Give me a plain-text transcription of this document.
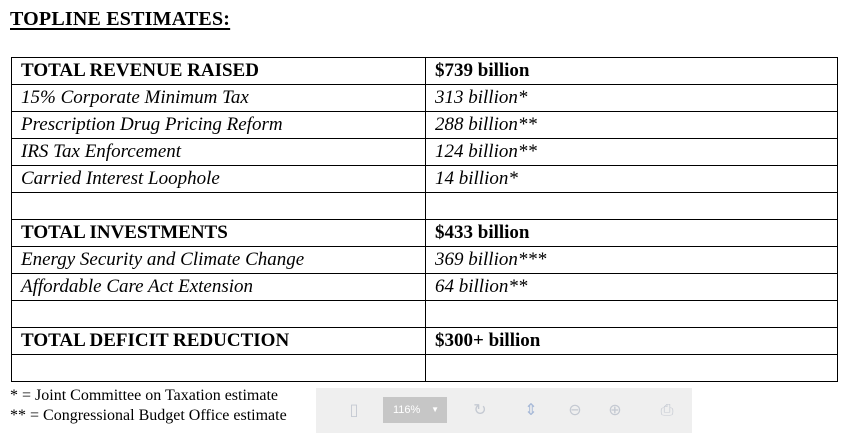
TOPLINE ESTIMATES:
TOTAL REVENUE RAISED	$739 billion
15% Corporate Minimum Tax	313 billion*
Prescription Drug Pricing Reform	288 billion**
IRS Tax Enforcement	124 billion**
Carried Interest Loophole	14 billion*

TOTAL INVESTMENTS	$433 billion
Energy Security and Climate Change	369 billion***
Affordable Care Act Extension	64 billion**

TOTAL DEFICIT REDUCTION	$300+ billion

* = Joint Committee on Taxation estimate
** = Congressional Budget Office estimate	▯	116% ▼ ↻ ⇕ ⊖ ⊕ ⎙
